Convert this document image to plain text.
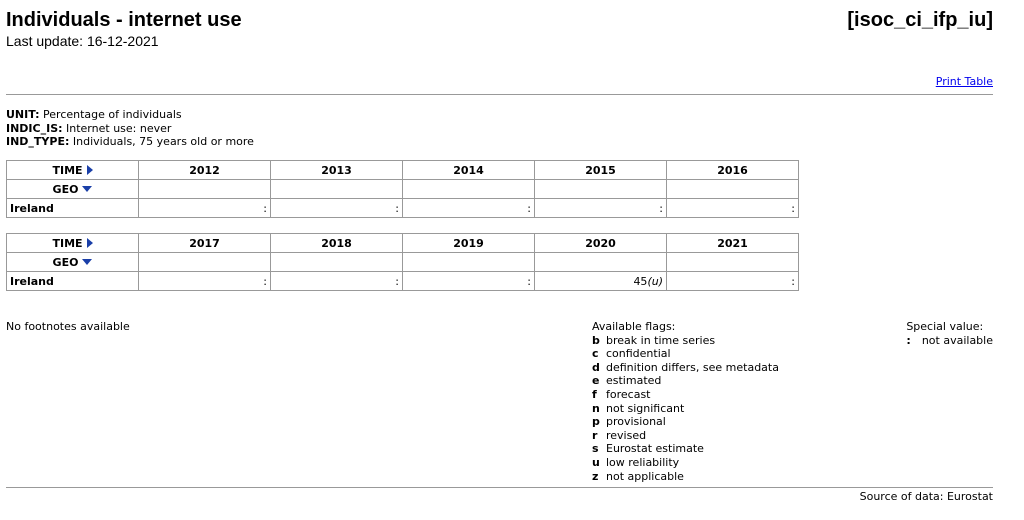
Individuals - internet use
Last update: 16-12-2021
[isoc_ci_ifp_iu]
Print Table
UNIT: Percentage of individuals
INDIC_IS: Internet use: never
IND_TYPE: Individuals, 75 years old or more
TIME	2012	2013	2014	2015	2016
GEO					
Ireland	:	:	:	:	:
TIME	2017	2018	2019	2020	2021
GEO					
Ireland	:	:	:	45(u)	:
No footnotes available	Available flags:
b break in time series
c confidential
d definition differs, see metadata
e estimated
f forecast
n not significant
p provisional
r revised
s Eurostat estimate
u low reliability
z not applicable
Special value:
: not available
Source of data: Eurostat
